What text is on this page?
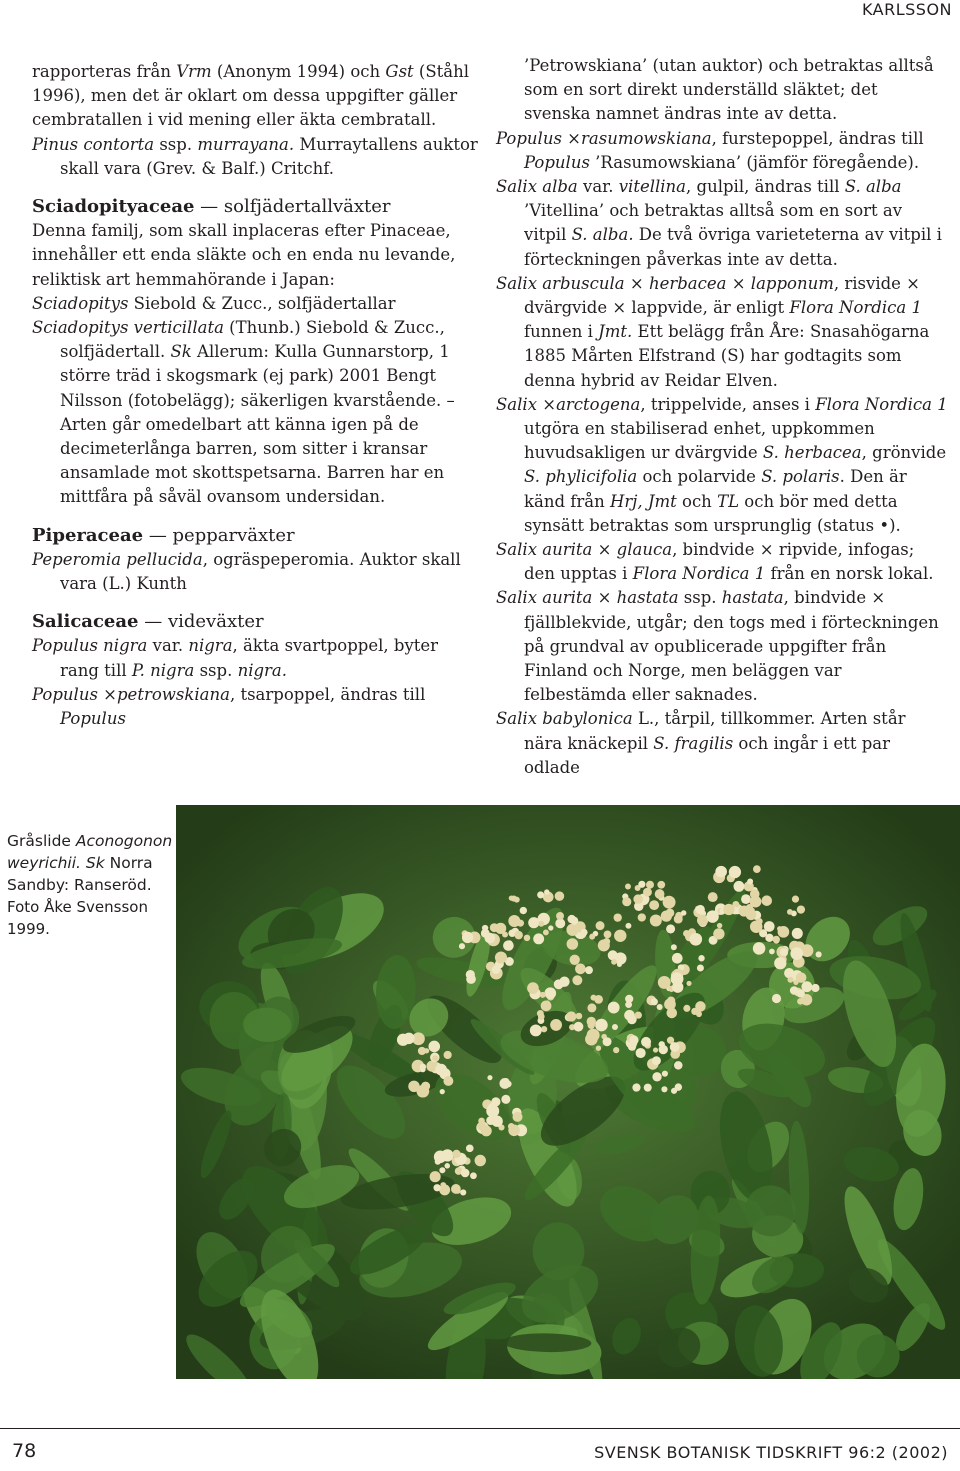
KARLSSON

rapporteras från Vrm (Anonym 1994) och Gst (Ståhl 1996), men det är oklart om dessa uppgifter gäller cembratallen i vid mening eller äkta cembratall.

Pinus contorta ssp. murrayana. Murraytallens auktor skall vara (Grev. & Balf.) Critchf.

Sciadopityaceae — solfjädertallväxter

Denna familj, som skall inplaceras efter Pinaceae, innehåller ett enda släkte och en enda nu levande, reliktisk art hemmahörande i Japan:

Sciadopitys Siebold & Zucc., solfjädertallar

Sciadopitys verticillata (Thunb.) Siebold & Zucc., solfjädertall. Sk Allerum: Kulla Gunnarstorp, 1 större träd i skogsmark (ej park) 2001 Bengt Nilsson (fotobelägg); säkerligen kvarstående. – Arten går omedelbart att känna igen på de decimeterlånga barren, som sitter i kransar ansamlade mot skottspetsarna. Barren har en mittfåra på såväl ovansom undersidan.

Piperaceae — pepparväxter

Peperomia pellucida, ogräspeperomia. Auktor skall vara (L.) Kunth

Salicaceae — videväxter

Populus nigra var. nigra, äkta svartpoppel, byter rang till P. nigra ssp. nigra.

Populus ×petrowskiana, tsarpoppel, ändras till Populus

’Petrowskiana’ (utan auktor) och betraktas alltså som en sort direkt underställd släktet; det svenska namnet ändras inte av detta.

Populus ×rasumowskiana, furstepoppel, ändras till Populus ’Rasumowskiana’ (jämför föregående).

Salix alba var. vitellina, gulpil, ändras till S. alba ’Vitellina’ och betraktas alltså som en sort av vitpil S. alba. De två övriga varieteterna av vitpil i förteckningen påverkas inte av detta.

Salix arbuscula × herbacea × lapponum, risvide × dvärgvide × lappvide, är enligt Flora Nordica 1 funnen i Jmt. Ett belägg från Åre: Snasahögarna 1885 Mårten Elfstrand (S) har godtagits som denna hybrid av Reidar Elven.

Salix ×arctogena, trippelvide, anses i Flora Nordica 1 utgöra en stabiliserad enhet, uppkommen huvudsakligen ur dvärgvide S. herbacea, grönvide S. phylicifolia och polarvide S. polaris. Den är känd från Hrj, Jmt och TL och bör med detta synsätt betraktas som ursprunglig (status •).

Salix aurita × glauca, bindvide × ripvide, infogas; den upptas i Flora Nordica 1 från en norsk lokal.

Salix aurita × hastata ssp. hastata, bindvide × fjällblekvide, utgår; den togs med i förteckningen på grundval av opublicerade uppgifter från Finland och Norge, men beläggen var felbestämda eller saknades.

Salix babylonica L., tårpil, tillkommer. Arten står nära knäckepil S. fragilis och ingår i ett par odlade

Gråslide Aconogonon weyrichii. Sk Norra Sandby: Ranseröd.
Foto Åke Svensson 1999.
78	SVENSK BOTANISK TIDSKRIFT 96:2 (2002)
